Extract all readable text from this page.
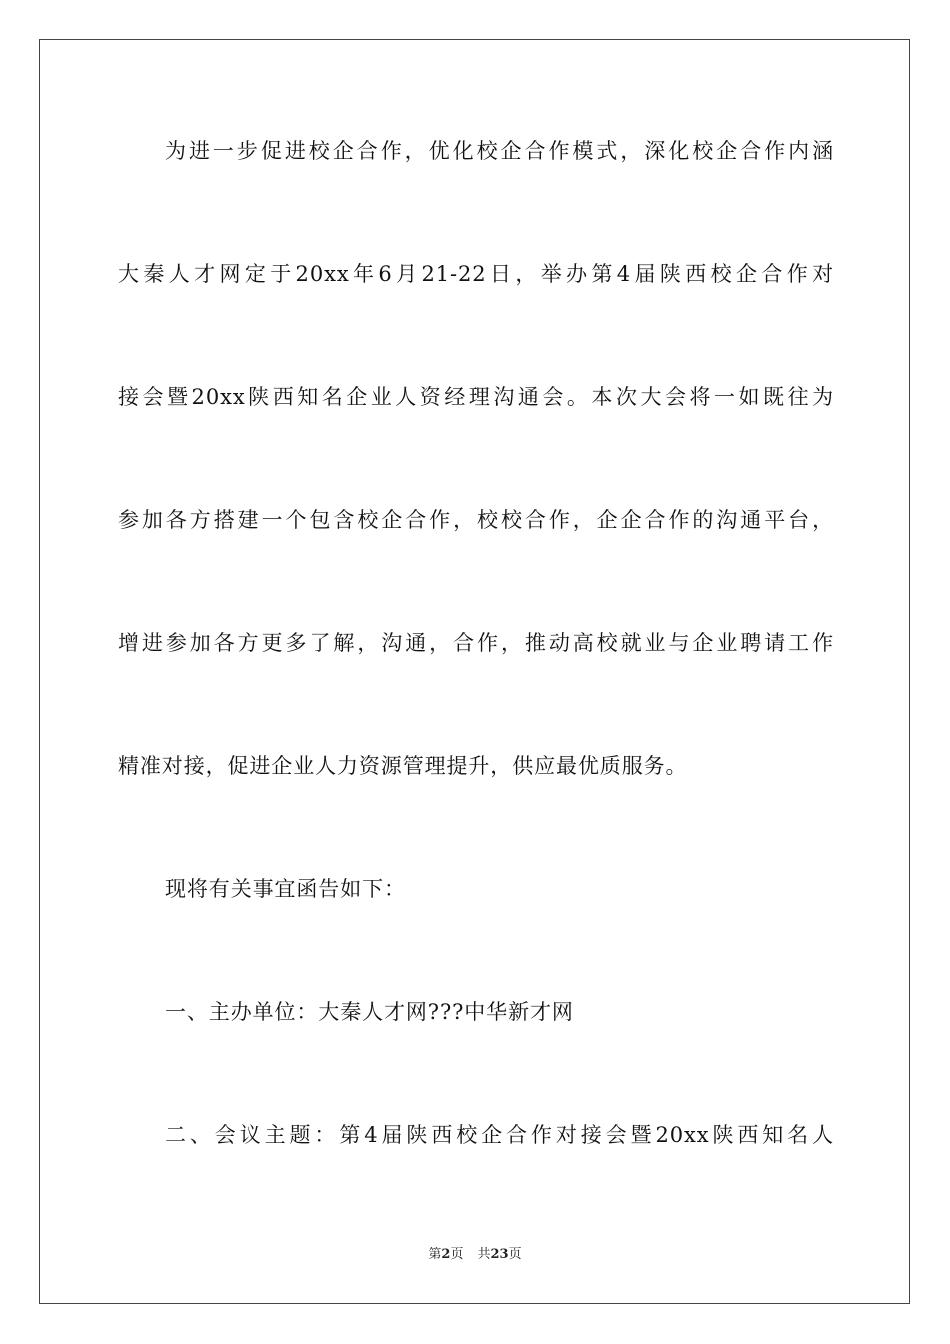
为进一步促进校企合作，优化校企合作模式，深化校企合作内涵
大秦人才网定于20xx年6月21-22日，举办第4届陕西校企合作对
接会暨20xx陕西知名企业人资经理沟通会。本次大会将一如既往为
参加各方搭建一个包含校企合作，校校合作，企企合作的沟通平台，
增进参加各方更多了解，沟通，合作，推动高校就业与企业聘请工作
精准对接，促进企业人力资源管理提升，供应最优质服务。
现将有关事宜函告如下：
一、主办单位：大秦人才网???中华新才网
二、会议主题：第4届陕西校企合作对接会暨20xx陕西知名人
第2页 共23页
